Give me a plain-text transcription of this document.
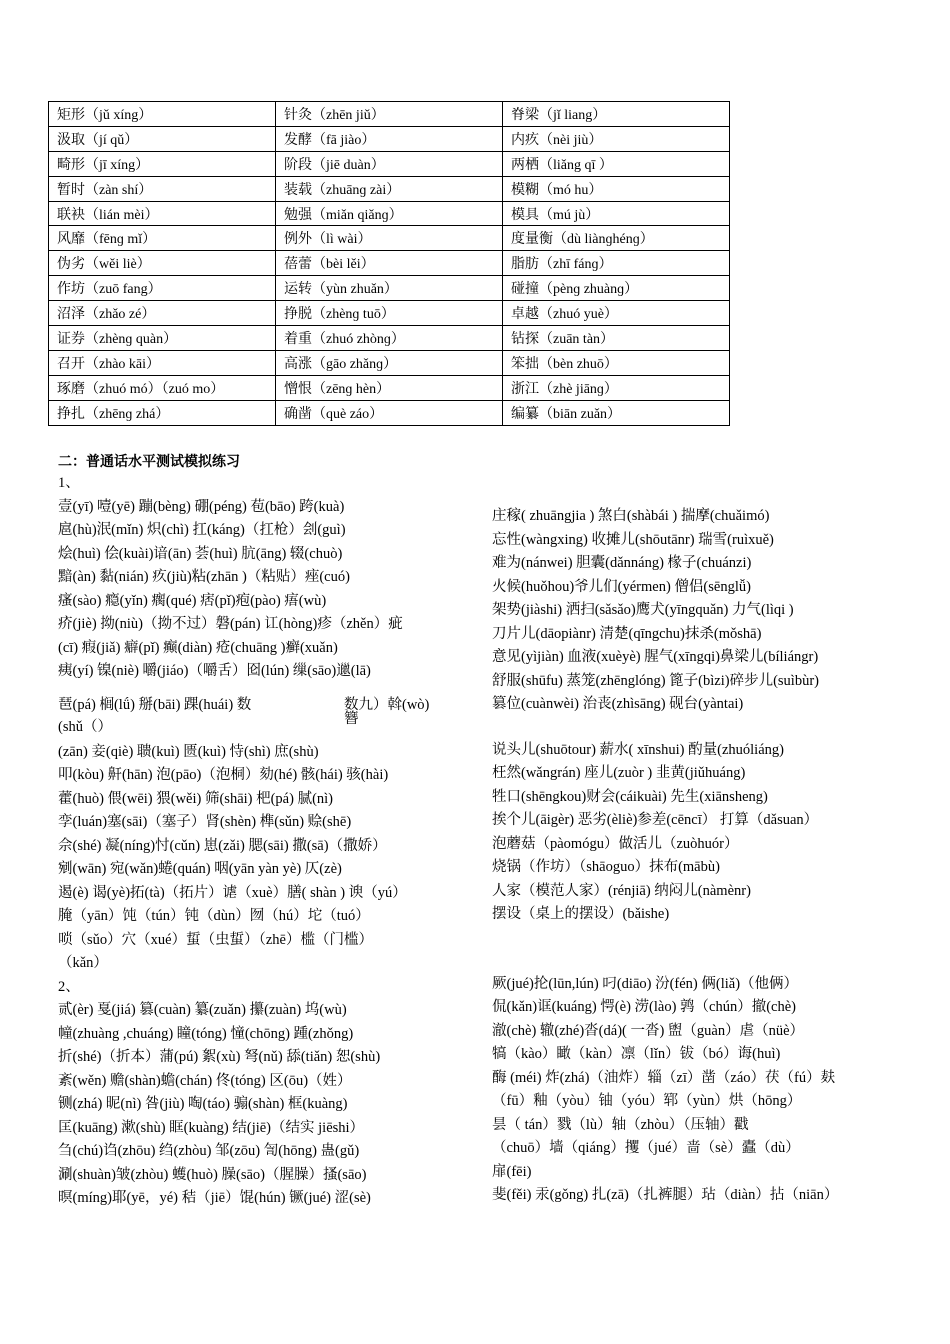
矩形（jǔ xíng）	针灸（zhēn jiǔ）	脊梁（jǐ liang）
汲取（jí qǔ）	发酵（fā jiào）	内疚（nèi jiù）
畸形（jī xíng）	阶段（jiē duàn）	两栖（liǎng qī ）
暂时（zàn shí）	装载（zhuānɡ zài）	模糊（mó hu）
联袂（lián mèi）	勉强（miǎn qiǎnɡ）	模具（mú jù）
风靡（fēnɡ mǐ）	例外（lì wài）	度量衡（dù liànɡhénɡ）
伪劣（wěi liè）	蓓蕾（bèi lěi）	脂肪（zhī fánɡ）
作坊（zuō fang）	运转（yùn zhuǎn）	碰撞（pènɡ zhuànɡ）
沼泽（zhǎo zé）	挣脱（zhènɡ tuō）	卓越（zhuó yuè）
证券（zhènɡ quàn）	着重（zhuó zhònɡ）	钻探（zuān tàn）
召开（zhào kāi）	高涨（gāo zhǎnɡ）	笨拙（bèn zhuō）
琢磨（zhuó mó）（zuó mo）	憎恨（zēnɡ hèn）	浙江（zhè jiānɡ）
挣扎（zhēnɡ zhá）	确凿（què záo）	编纂（biān zuǎn）
二：普通话水平测试模拟练习
1、
壹(yī) 噎(yē) 蹦(bèng) 硼(péng) 苞(bāo) 跨(kuà)
扈(hù)泯(mǐn) 炽(chì) 扛(káng)（扛枪）刽(guì)
烩(huì) 侩(kuài)谙(ān) 荟(huì) 肮(āng) 辍(chuò)
黯(àn) 黏(nián) 疚(jiù)粘(zhān )（粘贴）痤(cuó)
瘙(sào) 瘾(yǐn) 瘸(qué) 痞(pǐ)疱(pào) 痦(wù)
疥(jiè) 拗(niù)（拗不过）磐(pán) 讧(hòng)疹（zhěn）疵
(cī) 瘕(jiǎ) 癖(pǐ) 癫(diàn) 疮(chuāng )癣(xuǎn)
痍(yí) 镍(niè) 嚼(jiáo)（嚼舌）囵(lún) 缫(sāo)邋(lā)
琶(pá) 榈(lǘ) 掰(bāi) 踝(huái) 数	数九）斡(wò)
(shǔ（）	簪
(zān) 妾(qiè) 聩(kuì) 匮(kuì) 恃(shì) 庶(shù)
叩(kòu) 鼾(hān) 泡(pāo)（泡桐）劾(hé) 骸(hái) 骇(hài)
藿(huò) 偎(wēi) 猥(wěi) 筛(shāi) 杷(pá) 腻(nì)
孪(luán)塞(sāi)（塞子）肾(shèn) 榫(sǔn) 赊(shē)
佘(shé) 凝(níng)忖(cǔn) 崽(zǎi) 腮(sāi) 撒(sā)（撒娇）
剜(wān) 宛(wǎn)蜷(quán) 咽(yān yàn yè) 仄(zè)
遏(è) 谒(yè)拓(tà)（拓片）谑（xuè）膳( shàn ) 谀（yú）
腌（yān）饨（tún）钝（dùn）囫（hú）坨（tuó）
唢（sǔo）穴（xué）蜇（虫蜇）（zhē）槛（门槛）
（kǎn）
2、
贰(èr) 戛(jiá) 篡(cuàn) 纂(zuǎn) 攥(zuàn) 坞(wù)
幢(zhuàng ,chuáng) 瞳(tóng) 憧(chōng) 踵(zhǒng)
折(shé)（折本）蒲(pú) 絮(xù) 弩(nǔ) 舔(tiǎn) 恕(shù)
紊(wěn) 赡(shàn)蟾(chán) 佟(tóng) 区(ōu)（姓）
铡(zhá) 昵(nì) 咎(jiù) 啕(táo) 骟(shàn) 框(kuàng)
匡(kuāng) 漱(shù) 眶(kuàng) 结(jiē)（结实 jiēshi）
刍(chú)诌(zhōu) 绉(zhòu) 邹(zōu) 訇(hōng) 蛊(gǔ)
涮(shuàn)皱(zhòu) 蠖(huò) 臊(sāo)（腥臊）搔(sāo)
暝(míng)耶(yē，yé) 秸（jiē）馄(hún) 镢(jué) 涩(sè)
庄稼( zhuāngjia ) 煞白(shàbái ) 揣摩(chuǎimó)
忘性(wàngxing) 收摊儿(shōutānr) 瑞雪(ruìxuě)
难为(nánwei) 胆囊(dǎnnáng) 椽子(chuánzi)
火候(huǒhou)爷儿们(yérmen) 僧侣(sēnglǚ)
架势(jiàshi) 洒扫(sǎsǎo)鹰犬(yīngquǎn) 力气(lìqi )
刀片儿(dāopiànr) 清楚(qīngchu)抹杀(mǒshā)
意见(yìjiàn) 血液(xuèyè) 腥气(xīngqi)鼻梁儿(bíliángr)
舒服(shūfu) 蒸笼(zhēnglóng) 篦子(bìzi)碎步儿(suìbùr)
篡位(cuànwèi) 治丧(zhìsāng) 砚台(yàntai)
说头儿(shuōtour) 薪水( xīnshui) 酌量(zhuóliáng)
枉然(wǎngrán) 座儿(zuòr ) 韭黄(jiǔhuáng)
牲口(shēngkou)财会(cáikuài) 先生(xiānsheng)
挨个儿(āigèr) 恶劣(èliè)参差(cēncī） 打算（dǎsuan）
泡蘑菇（pàomógu）做活儿（zuòhuór）
烧锅（作坊）（shāoguo）抹布(mābù)
人家（模范人家）(rénjiā) 纳闷儿(nàmènr)
摆设（桌上的摆设）(bǎishe)
厥(jué)抡(lūn,lún) 叼(diāo) 汾(fén) 俩(liǎ)（他俩）
侃(kǎn)诓(kuáng) 愕(è) 涝(lào) 鹑（chún）撤(chè)
澈(chè) 辙(zhé)沓(dá)( 一沓) 盥（guàn）虐（nüè）
犒（kào）瞰（kàn）凛（lǐn）钹（bó）诲(huì)
酶 (méi) 炸(zhá)（油炸）辎（zī）凿（záo）茯（fú）麸
（fū）釉（yòu）铀（yóu）郓（yùn）烘（hōng）
昙（ tán）戮（lù）轴（zhòu）（压轴）戳
（chuō）墙（qiáng）攫（jué）啬（sè）蠹（dù）
扉(fēi)
斐(fěi) 汞(gǒng) 扎(zā)（扎裤腿）玷（diàn）拈（niān）
